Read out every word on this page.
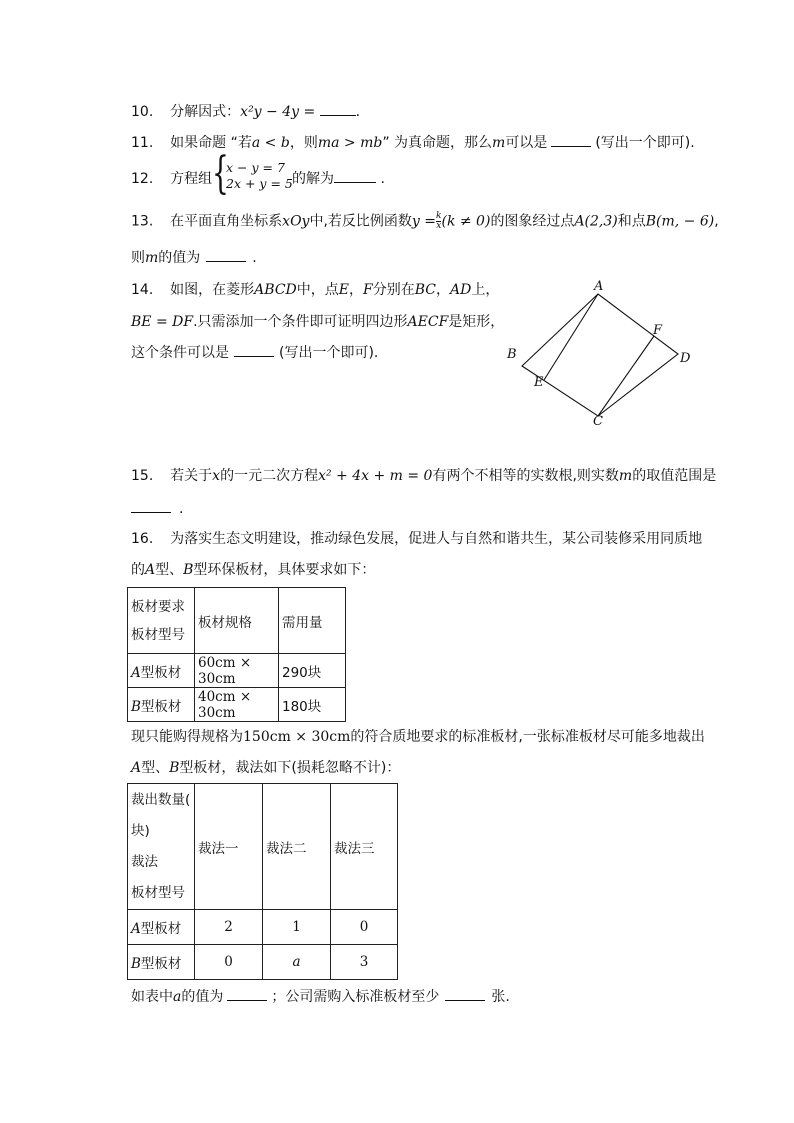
10. 分解因式：x²y − 4y =	.
11. 如果命题 “若a < b，则ma > mb” 为真命题，那么m可以是	(写出一个即可).
12. 方程组 {
x − y = 7
2x + y = 5 的解为	.
13. 在平面直角坐标系xOy中,若反比例函数$y = \frac{k}{x} (k \ne 0)$的图象经过点A(2,3)和点B(m, − 6),
则m的值为	.
14. 如图，在菱形ABCD中，点E，F分别在BC，AD上，
BE = DF.只需添加一个条件即可证明四边形AECF是矩形，
这个条件可以是	(写出一个即可).
A
B
C
D
E
F
15. 若关于x的一元二次方程x² + 4x + m = 0有两个不相等的实数根,则实数m的取值范围是
.
16. 为落实生态文明建设，推动绿色发展，促进人与自然和谐共生，某公司装修采用同质地
的A型、B型环保板材，具体要求如下：
板材要求
板材型号	板材规格	需用量
A型板材	60cm × 30cm	290块
B型板材	40cm × 30cm	180块
现只能购得规格为150cm × 30cm的符合质地要求的标准板材,一张标准板材尽可能多地裁出
A型、B型板材，裁法如下(损耗忽略不计)：
裁出数量(
块)
裁法
板材型号	裁法一	裁法二	裁法三
A型板材	2	1	0
B型板材	0	a	3
如表中a的值为	；公司需购入标准板材至少	张.
